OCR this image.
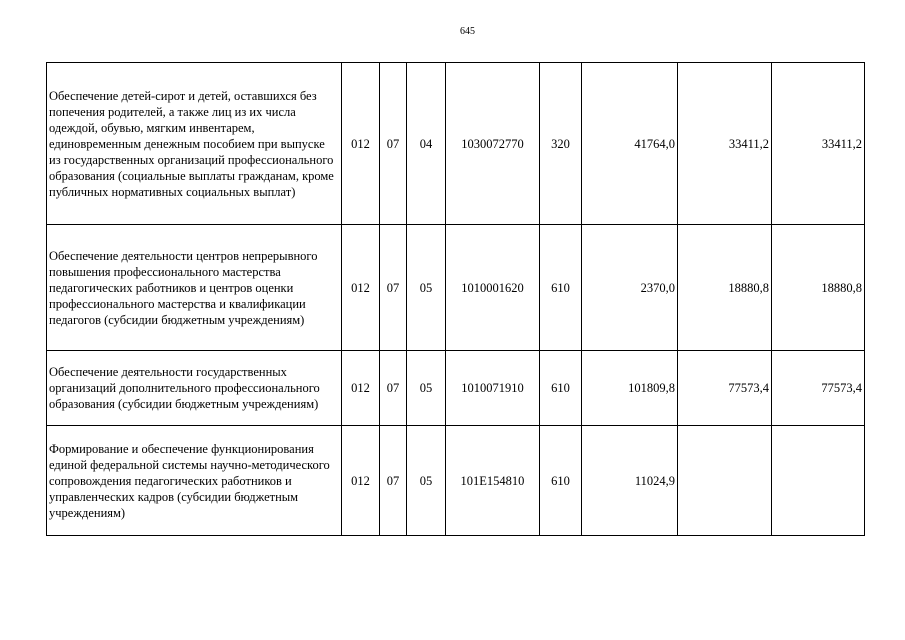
645
Обеспечение детей-сирот и детей, оставшихся без попечения родителей, а также лиц из их числа одеждой, обувью, мягким инвентарем, единовременным денежным пособием при выпуске из государственных организаций профессионального образования (социальные выплаты гражданам, кроме публичных нормативных социальных выплат)	012	07	04	1030072770	320	41764,0	33411,2	33411,2
Обеспечение деятельности центров непрерывного повышения профессионального мастерства педагогических работников и центров оценки профессионального мастерства и квалификации педагогов (субсидии бюджетным учреждениям)	012	07	05	1010001620	610	2370,0	18880,8	18880,8
Обеспечение деятельности государственных организаций дополнительного профессионального образования (субсидии бюджетным учреждениям)	012	07	05	1010071910	610	101809,8	77573,4	77573,4
Формирование и обеспечение функционирования единой федеральной системы научно-методического сопровождения педагогических работников и управленческих кадров (субсидии бюджетным учреждениям)	012	07	05	101E154810	610	11024,9		
